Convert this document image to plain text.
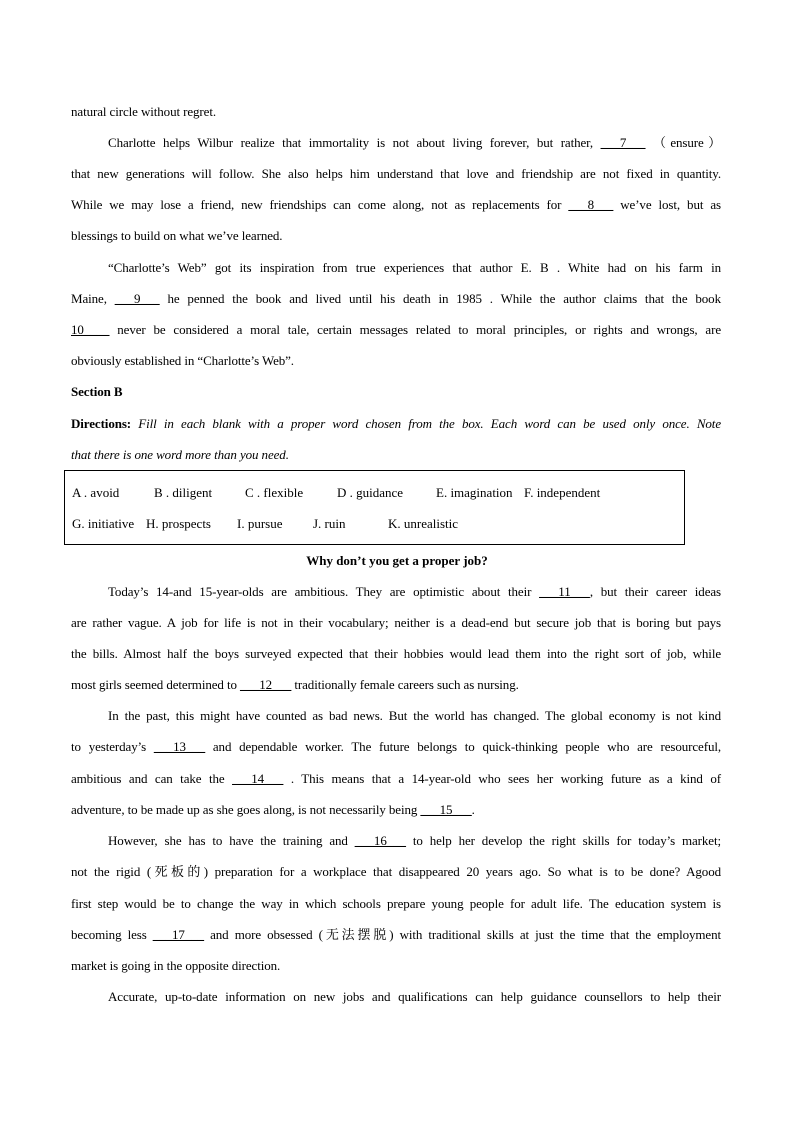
natural circle without regret.
Charlotte helps Wilbur realize that immortality is not about living forever, but rather, ___7___ （ensure）
that new generations will follow. She also helps him understand that love and friendship are not fixed in quantity.
While we may lose a friend, new friendships can come along, not as replacements for ___8___ we’ve lost, but as
blessings to build on what we’ve learned.
“Charlotte’s Web” got its inspiration from true experiences that author E. B . White had on his farm in
Maine, ___9___ he penned the book and lived until his death in 1985 . While the author claims that the book
10____ never be considered a moral tale, certain messages related to moral principles, or rights and wrongs, are
obviously established in “Charlotte’s Web”.
Section B
Directions: Fill in each blank with a proper word chosen from the box. Each word can be used only once. Note
that there is one word more than you need.
A . avoid	B . diligent	C . flexible	D . guidance	E. imagination F. independent
G. initiative H. prospects I. pursue J. ruin	K. unrealistic
Why don’t you get a proper job?
Today’s 14-and 15-year-olds are ambitious. They are optimistic about their ___11___, but their career ideas
are rather vague. A job for life is not in their vocabulary; neither is a dead-end but secure job that is boring but pays
the bills. Almost half the boys surveyed expected that their hobbies would lead them into the right sort of job, while
most girls seemed determined to ___12___ traditionally female careers such as nursing.
In the past, this might have counted as bad news. But the world has changed. The global economy is not kind
to yesterday’s ___13___ and dependable worker. The future belongs to quick-thinking people who are resourceful,
ambitious and can take the ___14___ . This means that a 14-year-old who sees her working future as a kind of
adventure, to be made up as she goes along, is not necessarily being ___15___.
However, she has to have the training and ___16___ to help her develop the right skills for today’s market;
not the rigid (死板的) preparation for a workplace that disappeared 20 years ago. So what is to be done? Agood
first step would be to change the way in which schools prepare young people for adult life. The education system is
becoming less ___17___ and more obsessed (无法摆脱) with traditional skills at just the time that the employment
market is going in the opposite direction.
Accurate, up-to-date information on new jobs and qualifications can help guidance counsellors to help their
